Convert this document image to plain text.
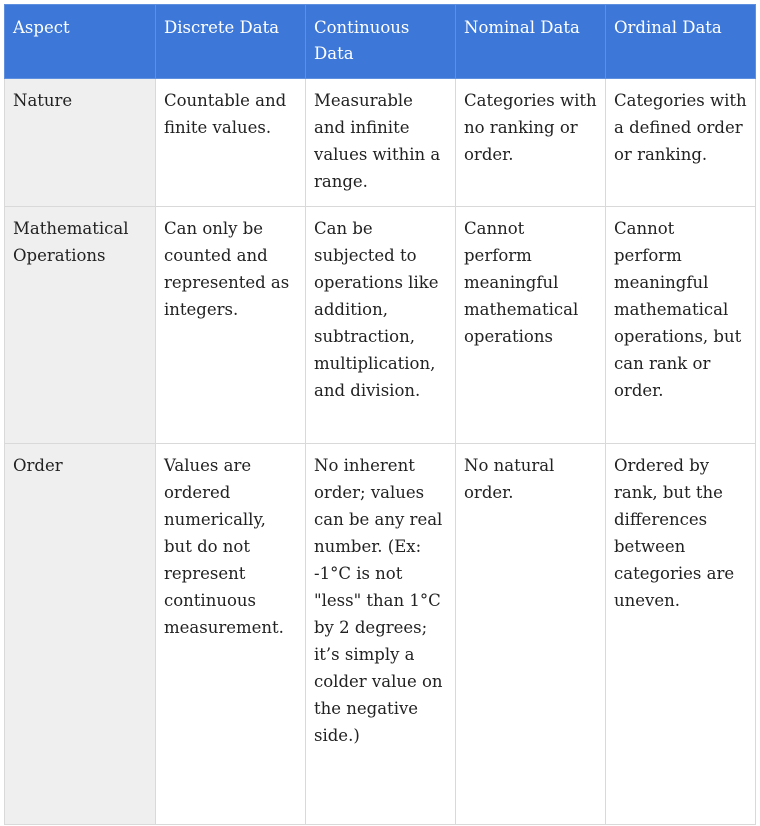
Aspect	Discrete Data	Continuous Data	Nominal Data	Ordinal Data
Nature	Countable and finite values.	Measurable and infinite values within a range.	Categories with no ranking or order.	Categories with a defined order or ranking.
Mathematical Operations	Can only be counted and represented as integers.	Can be subjected to operations like addition, subtraction, multiplication, and division.	Cannot perform meaningful mathematical operations	Cannot perform meaningful mathematical operations, but can rank or order.
Order	Values are ordered numerically, but do not represent continuous measurement.	No inherent order; values can be any real number. (Ex: -1°C is not "less" than 1°C by 2 degrees; it’s simply a colder value on the negative side.)	No natural order.	Ordered by rank, but the differences between categories are uneven.
